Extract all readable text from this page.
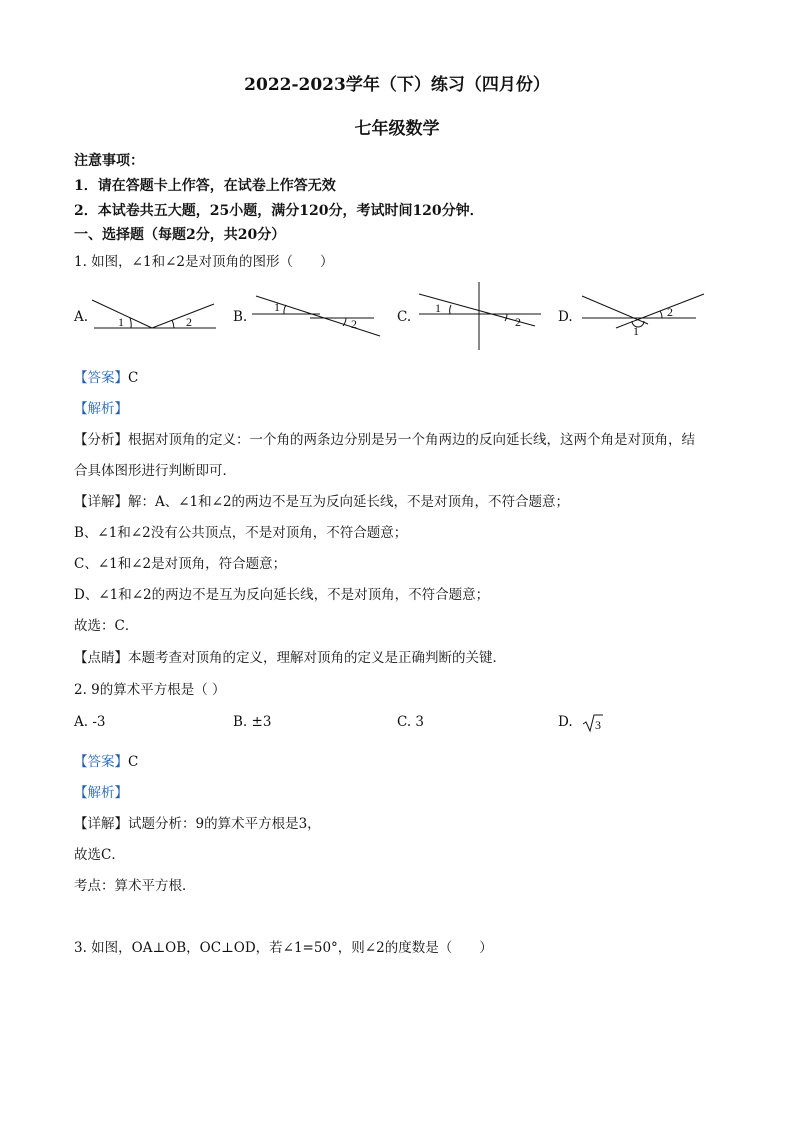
2022-2023学年（下）练习（四月份）
七年级数学
注意事项：
1．请在答题卡上作答，在试卷上作答无效
2．本试卷共五大题，25小题，满分120分，考试时间120分钟．
一、选择题（每题2分，共20分）
1. 如图，∠1和∠2是对顶角的图形（　　）
A.	B.	C.	D.
1	2
1
2
1
2
1
2
【答案】C
【解析】
【分析】根据对顶角的定义：一个角的两条边分别是另一个角两边的反向延长线，这两个角是对顶角，结
合具体图形进行判断即可．
【详解】解：A、∠1和∠2的两边不是互为反向延长线，不是对顶角，不符合题意；
B、∠1和∠2没有公共顶点，不是对顶角，不符合题意；
C、∠1和∠2是对顶角，符合题意；
D、∠1和∠2的两边不是互为反向延长线，不是对顶角，不符合题意；
故选：C．
【点睛】本题考查对顶角的定义，理解对顶角的定义是正确判断的关键．
2. 9的算术平方根是（ ）
A. -3	B. ±3	C. 3	D. 3
【答案】C
【解析】
【详解】试题分析：9的算术平方根是3，
故选C．
考点：算术平方根．
3. 如图，OA⊥OB，OC⊥OD，若∠1=50°，则∠2的度数是（　　）
